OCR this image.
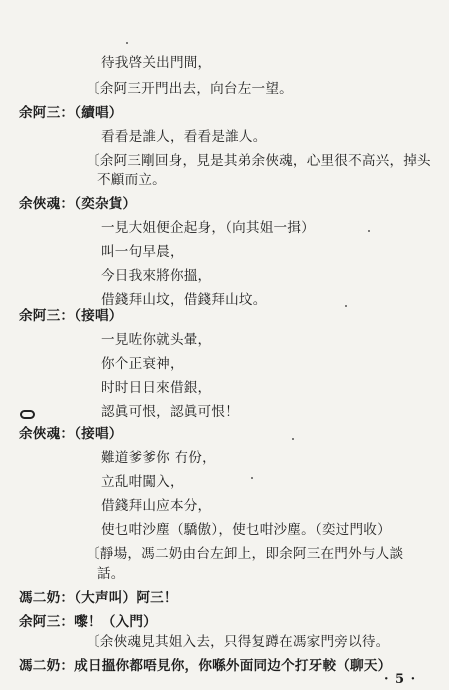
待我啓关出門間，
〔余阿三开門出去，向台左一望。
余阿三：（續唱）
看看是誰人，看看是誰人。
〔余阿三剛回身，見是其弟余俠魂，心里很不高兴，掉头
不顧而立。
余俠魂：（奕杂貨）
一見大姐便企起身，（向其姐一揖）
叫一句早晨，
今日我來將你搵，
借錢拜山坟，借錢拜山坟。
余阿三：（接唱）
一見咗你就头暈，
你个正衰神，
时时日日來借銀，
認眞可恨，認眞可恨！
余俠魂：（接唱）
難道爹爹你 冇份，
立乱咁闖入，
借錢拜山应本分，
使乜咁沙塵（驕傲），使乜咁沙塵。（奕过門收）
〔靜場，馮二奶由台左卸上，即余阿三在門外与人談
話。
馮二奶：（大声叫）阿三！
余阿三：嚟！（入門）
〔余俠魂見其姐入去，只得复蹲在馮家門旁以待。
馮二奶：成日搵你都唔見你，你喺外面同边个打牙較（聊天）
· 5 ·
